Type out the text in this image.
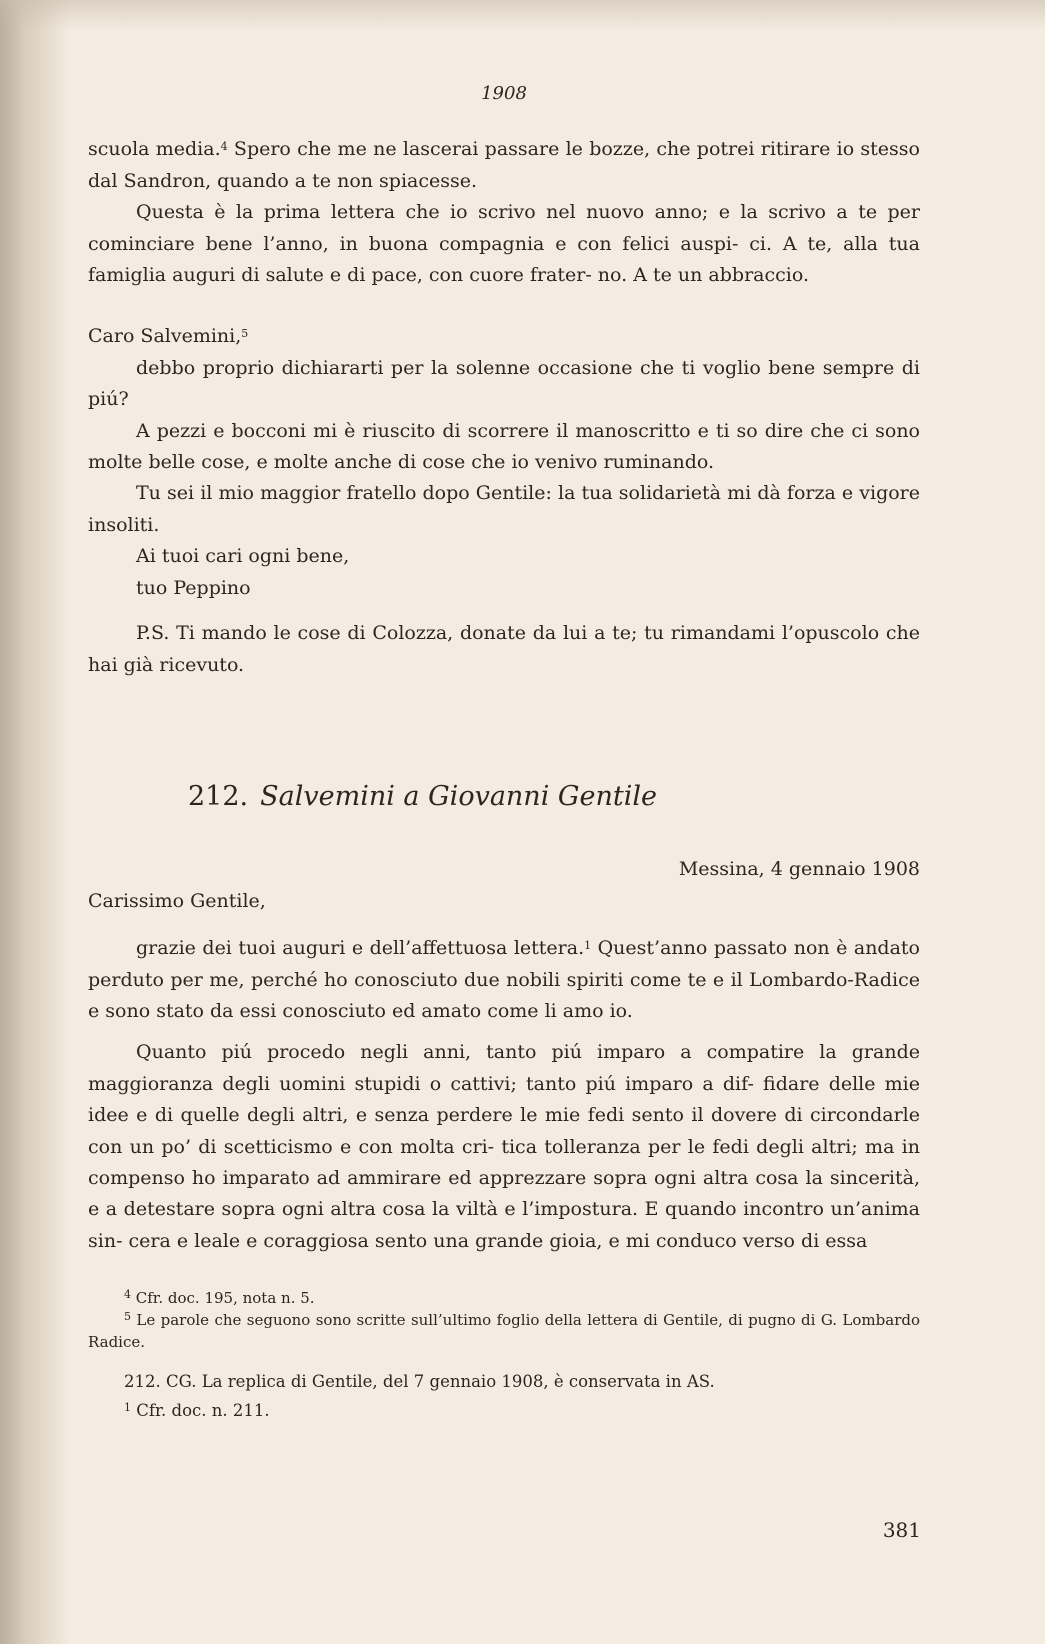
1908

scuola media.$^4$ Spero che me ne lascerai passare le bozze, che potrei ritirare io stesso dal Sandron, quando a te non spiacesse.

Questa è la prima lettera che io scrivo nel nuovo anno; e la scrivo a te per cominciare bene l’anno, in buona compagnia e con felici auspi- ci. A te, alla tua famiglia auguri di salute e di pace, con cuore frater- no. A te un abbraccio.

Caro Salvemini,$^5$

debbo proprio dichiararti per la solenne occasione che ti voglio bene sempre di piú?

A pezzi e bocconi mi è riuscito di scorrere il manoscritto e ti so dire che ci sono molte belle cose, e molte anche di cose che io venivo ruminando.

Tu sei il mio maggior fratello dopo Gentile: la tua solidarietà mi dà forza e vigore insoliti.

Ai tuoi cari ogni bene,

tuo Peppino

P.S. Ti mando le cose di Colozza, donate da lui a te; tu rimandami l’opuscolo che hai già ricevuto.

212. Salvemini a Giovanni Gentile

Messina, 4 gennaio 1908

Carissimo Gentile,

grazie dei tuoi auguri e dell’affettuosa lettera.$^1$ Quest’anno passato non è andato perduto per me, perché ho conosciuto due nobili spiriti come te e il Lombardo-Radice e sono stato da essi conosciuto ed amato come li amo io.

Quanto piú procedo negli anni, tanto piú imparo a compatire la grande maggioranza degli uomini stupidi o cattivi; tanto piú imparo a dif- fidare delle mie idee e di quelle degli altri, e senza perdere le mie fedi sento il dovere di circondarle con un po’ di scetticismo e con molta cri- tica tolleranza per le fedi degli altri; ma in compenso ho imparato ad ammirare ed apprezzare sopra ogni altra cosa la sincerità, e a detestare sopra ogni altra cosa la viltà e l’impostura. E quando incontro un’anima sin- cera e leale e coraggiosa sento una grande gioia, e mi conduco verso di essa

$^4$ Cfr. doc. 195, nota n. 5.

$^5$ Le parole che seguono sono scritte sull’ultimo foglio della lettera di Gentile, di pugno di G. Lombardo Radice.

212. CG. La replica di Gentile, del 7 gennaio 1908, è conservata in AS.

$^1$ Cfr. doc. n. 211.

381
